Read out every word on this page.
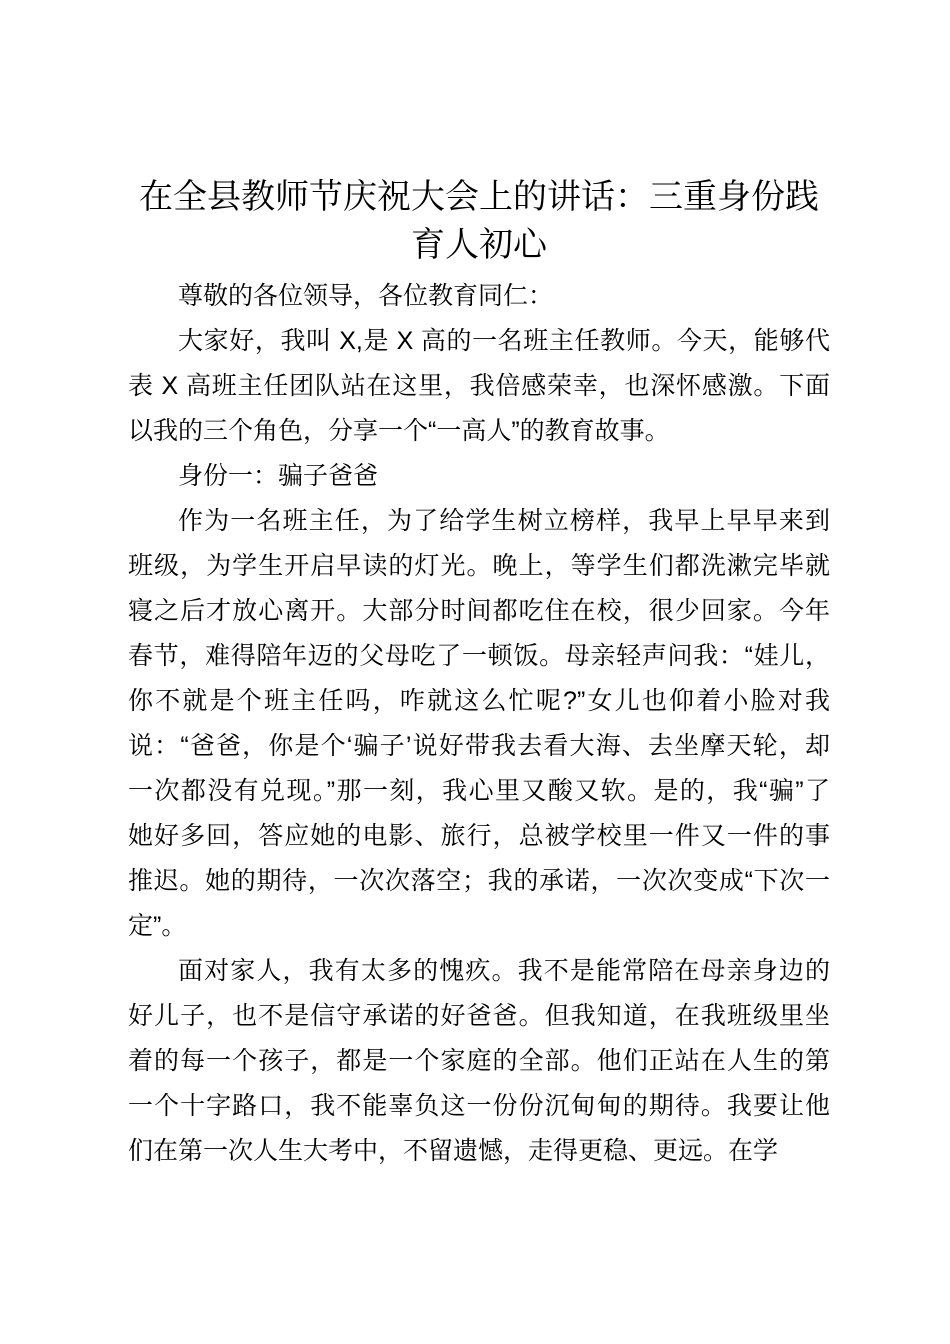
在全县教师节庆祝大会上的讲话：三重身份践
育人初心
尊敬的各位领导，各位教育同仁：
大家好，我叫 X,是 X 高的一名班主任教师。今天，能够代
表 X 高班主任团队站在这里，我倍感荣幸，也深怀感激。下面
以我的三个角色，分享一个“一高人”的教育故事。
身份一：骗子爸爸
作为一名班主任，为了给学生树立榜样，我早上早早来到
班级，为学生开启早读的灯光。晚上，等学生们都洗漱完毕就
寝之后才放心离开。大部分时间都吃住在校，很少回家。今年
春节，难得陪年迈的父母吃了一顿饭。母亲轻声问我：“娃儿，
你不就是个班主任吗，咋就这么忙呢?”女儿也仰着小脸对我
说：“爸爸，你是个‘骗子’说好带我去看大海、去坐摩天轮，却
一次都没有兑现。”那一刻，我心里又酸又软。是的，我“骗”了
她好多回，答应她的电影、旅行，总被学校里一件又一件的事
推迟。她的期待，一次次落空；我的承诺，一次次变成“下次一
定”。
面对家人，我有太多的愧疚。我不是能常陪在母亲身边的
好儿子，也不是信守承诺的好爸爸。但我知道，在我班级里坐
着的每一个孩子，都是一个家庭的全部。他们正站在人生的第
一个十字路口，我不能辜负这一份份沉甸甸的期待。我要让他
们在第一次人生大考中，不留遗憾，走得更稳、更远。在学
